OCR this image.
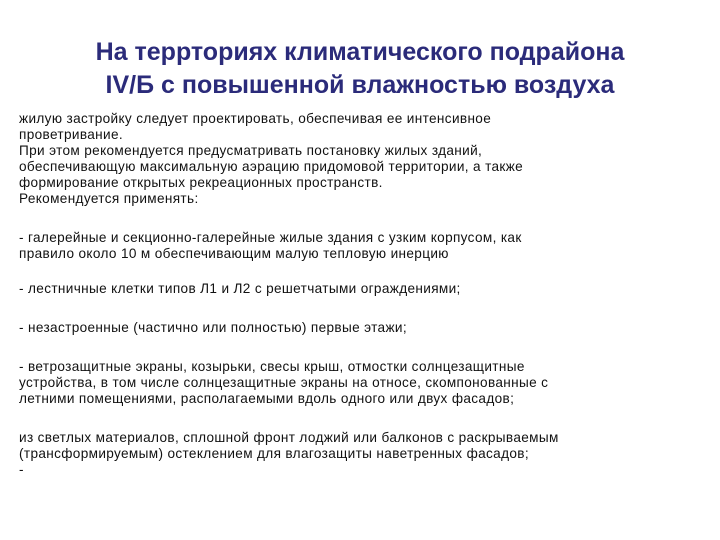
На террториях климатического подрайона
IV/Б с повышенной влажностью воздуха
жилую застройку следует проектировать, обеспечивая ее интенсивное
проветривание.
При этом рекомендуется предусматривать постановку жилых зданий,
обеспечивающую максимальную аэрацию придомовой территории, а также
формирование открытых рекреационных пространств.
Рекомендуется применять:
- галерейные и секционно-галерейные жилые здания с узким корпусом, как
правило около 10 м обеспечивающим малую тепловую инерцию
- лестничные клетки типов Л1 и Л2 с решетчатыми ограждениями;
- незастроенные (частично или полностью) первые этажи;
- ветрозащитные экраны, козырьки, свесы крыш, отмостки солнцезащитные
устройства, в том числе солнцезащитные экраны на относе, скомпонованные с
летними помещениями, располагаемыми вдоль одного или двух фасадов;
из светлых материалов, сплошной фронт лоджий или балконов с раскрываемым
(трансформируемым) остеклением для влагозащиты наветренных фасадов;
-
